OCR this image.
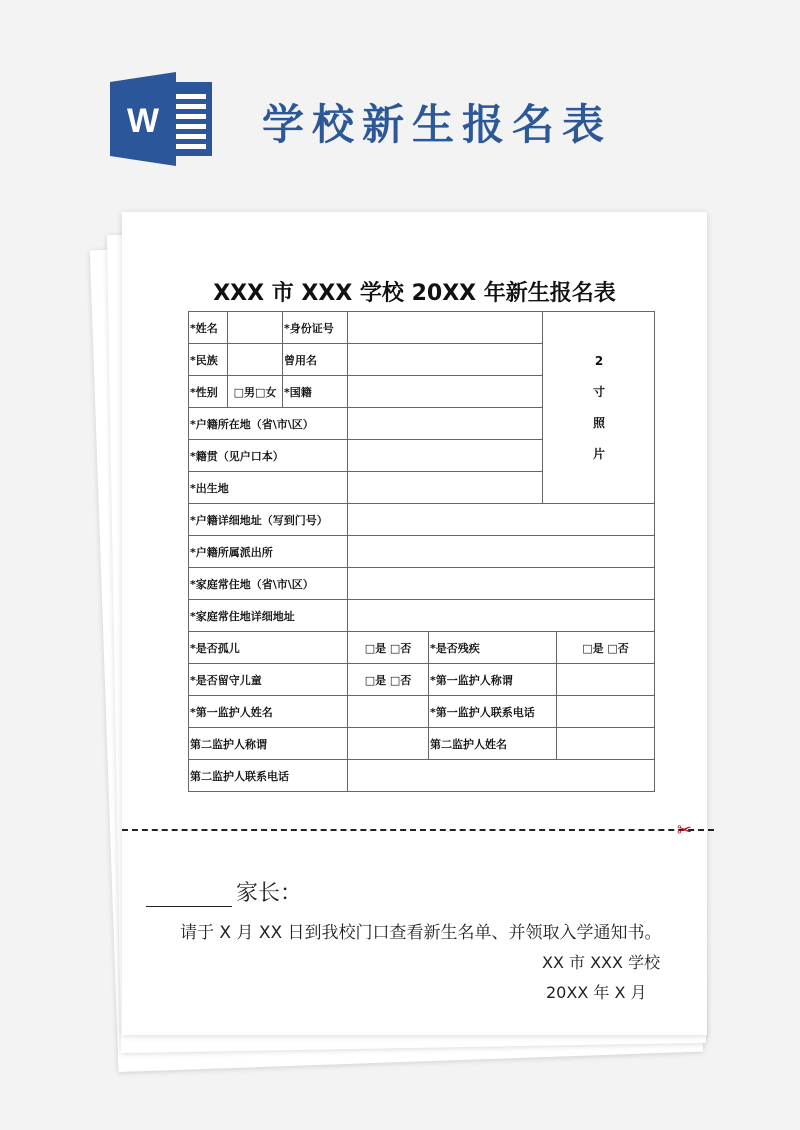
W 学校新生报名表
XXX 市 XXX 学校 20XX 年新生报名表
*姓名		*身份证号			2
寸
照
片	

*民族		曾用名				
*性别	□男□女	*国籍				
*户籍所在地（省\市\区）						
*籍贯（见户口本）						
*出生地						
*户籍详细地址（写到门号）						
*户籍所属派出所						
*家庭常住地（省\市\区）						
*家庭常住地详细地址						
*是否孤儿			□是 □否	*是否残疾		□是 □否
*是否留守儿童			□是 □否	*第一监护人称谓		
*第一监护人姓名				*第一监护人联系电话		
第二监护人称谓				第二监护人姓名		
第二监护人联系电话						
✂
家长：
请于 X 月 XX 日到我校门口查看新生名单、并领取入学通知书。
XX 市 XXX 学校
20XX 年 X 月
